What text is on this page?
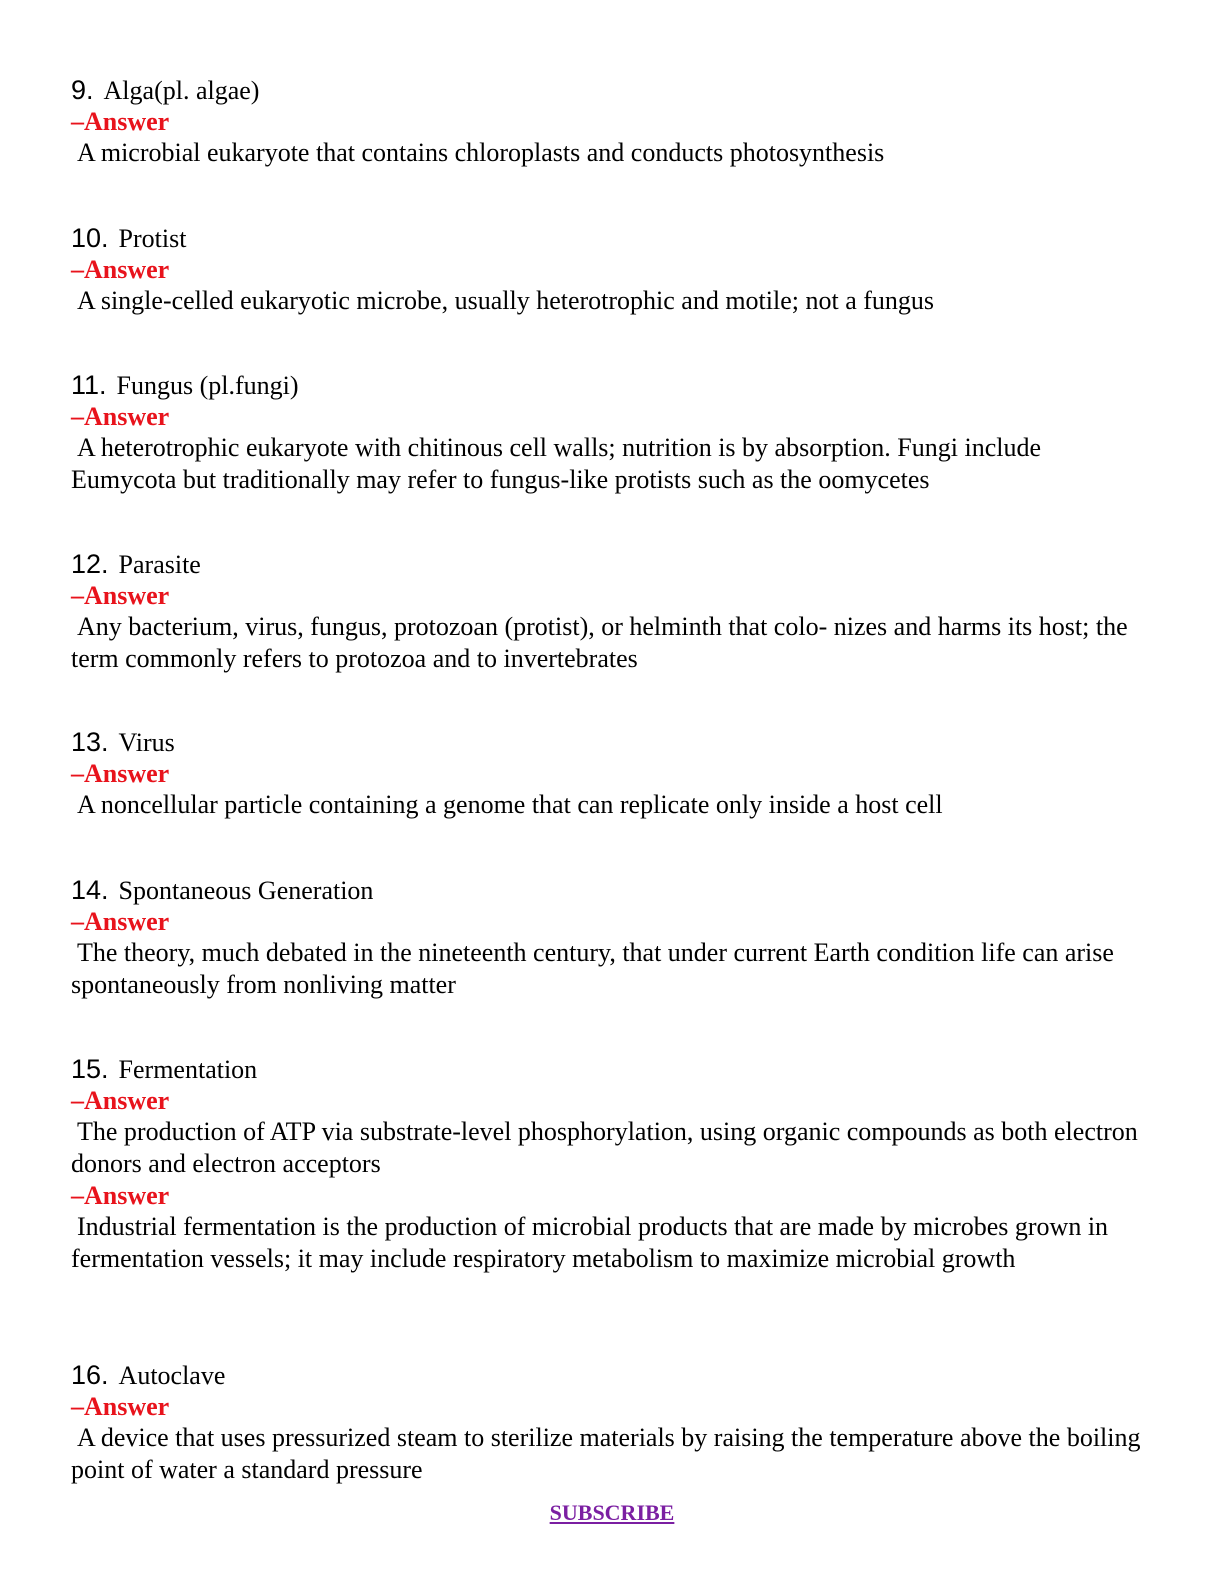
9. Alga(pl. algae)
–Answer
A microbial eukaryote that contains chloroplasts and conducts photosynthesis
10. Protist
–Answer
A single-celled eukaryotic microbe, usually heterotrophic and motile; not a fungus
11. Fungus (pl.fungi)
–Answer
A heterotrophic eukaryote with chitinous cell walls; nutrition is by absorption. Fungi include Eumycota but traditionally may refer to fungus-like protists such as the oomycetes
12. Parasite
–Answer
Any bacterium, virus, fungus, protozoan (protist), or helminth that colo- nizes and harms its host; the term commonly refers to protozoa and to invertebrates
13. Virus
–Answer
A noncellular particle containing a genome that can replicate only inside a host cell
14. Spontaneous Generation
–Answer
The theory, much debated in the nineteenth century, that under current Earth condition life can arise spontaneously from nonliving matter
15. Fermentation
–Answer
The production of ATP via substrate-level phosphorylation, using organic compounds as both electron donors and electron acceptors
–Answer
Industrial fermentation is the production of microbial products that are made by microbes grown in fermentation vessels; it may include respiratory metabolism to maximize microbial growth
16. Autoclave
–Answer
A device that uses pressurized steam to sterilize materials by raising the temperature above the boiling point of water a standard pressure
SUBSCRIBE
